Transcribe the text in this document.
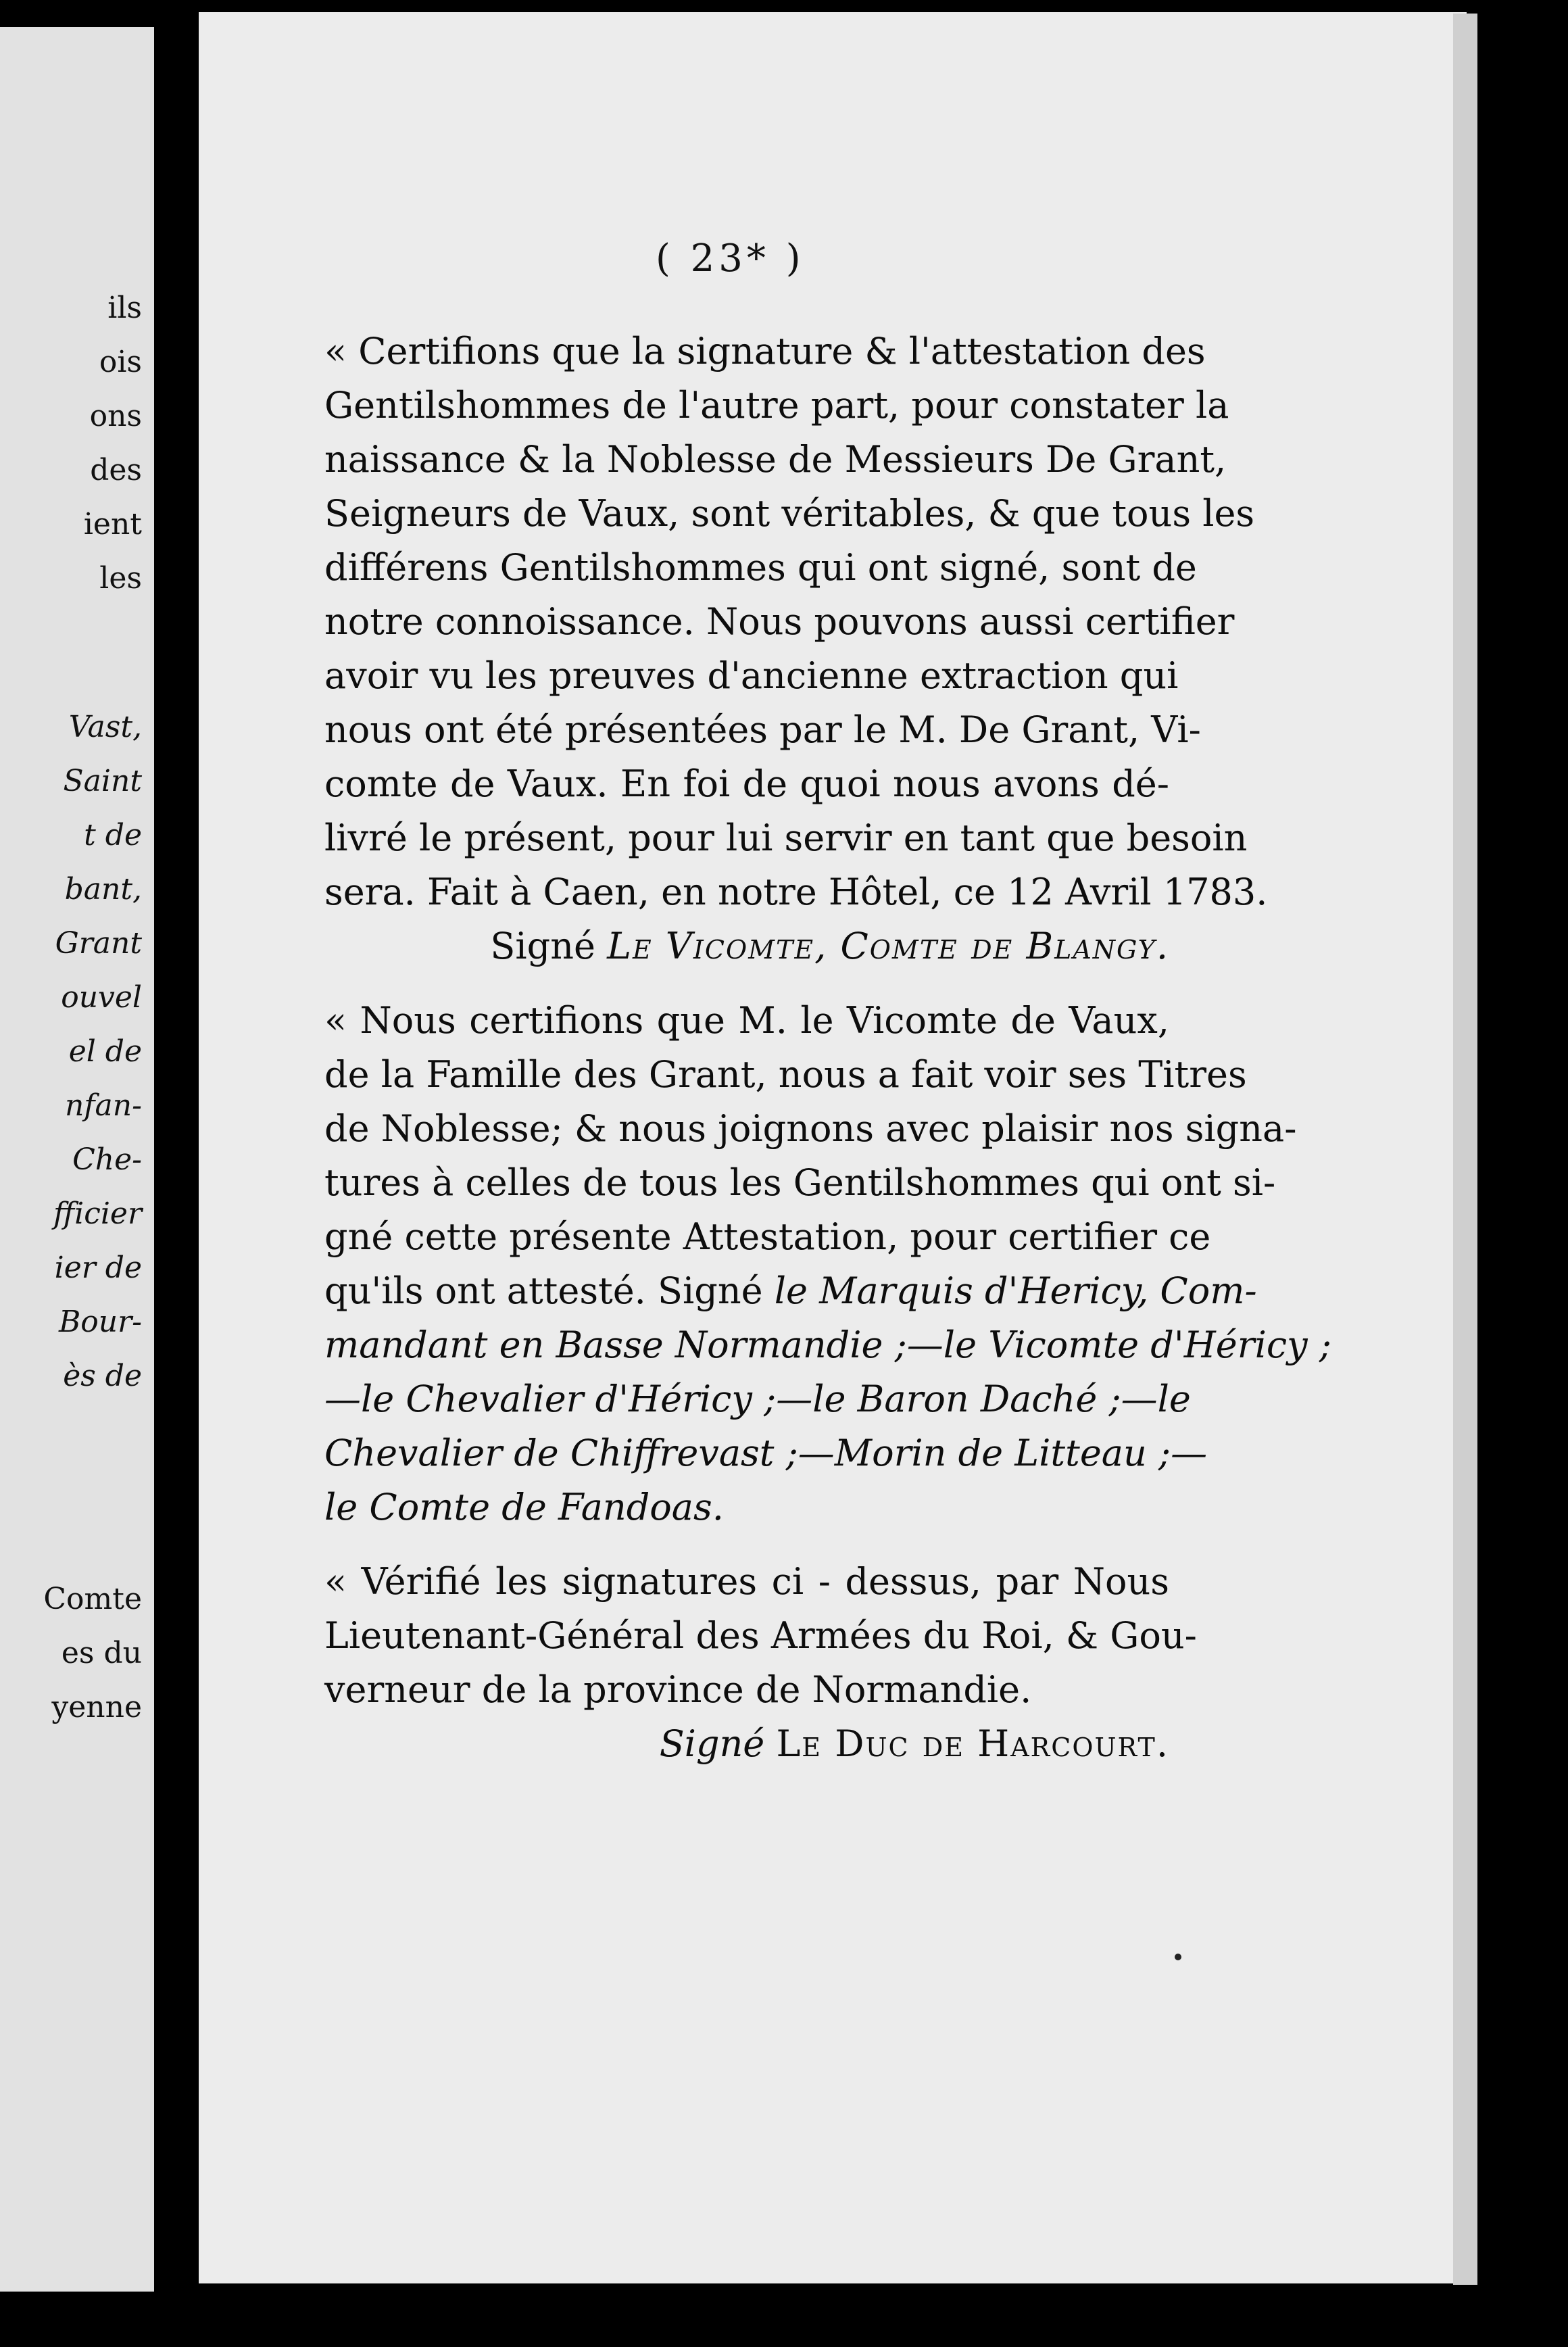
ils
ois
ons
des
ient
les
Vast,
Saint
t de
bant,
Grant
ouvel
el de
nfan-
Che-
fficier
ier de
Bour-
ès de
Comte
es du
yenne
( 23* )
« Certifions que la signature & l'attestation des
Gentilshommes de l'autre part, pour constater la
naissance & la Noblesse de Messieurs De Grant,
Seigneurs de Vaux, sont véritables, & que tous les
différens Gentilshommes qui ont signé, sont de
notre connoissance. Nous pouvons aussi certifier
avoir vu les preuves d'ancienne extraction qui
nous ont été présentées par le M. De Grant, Vi-
comte de Vaux. En foi de quoi nous avons dé-
livré le présent, pour lui servir en tant que besoin
sera. Fait à Caen, en notre Hôtel, ce 12 Avril 1783.
Signé Le Vicomte, Comte de Blangy.
« Nous certifions que M. le Vicomte de Vaux,
de la Famille des Grant, nous a fait voir ses Titres
de Noblesse; & nous joignons avec plaisir nos signa-
tures à celles de tous les Gentilshommes qui ont si-
gné cette présente Attestation, pour certifier ce
qu'ils ont attesté. Signé le Marquis d'Hericy, Com-
mandant en Basse Normandie ;—le Vicomte d'Héricy ;
—le Chevalier d'Héricy ;—le Baron Daché ;—le
Chevalier de Chiffrevast ;—Morin de Litteau ;—
le Comte de Fandoas.
« Vérifié les signatures ci - dessus, par Nous
Lieutenant-Général des Armées du Roi, & Gou-
verneur de la province de Normandie.
Signé Le Duc de Harcourt.
